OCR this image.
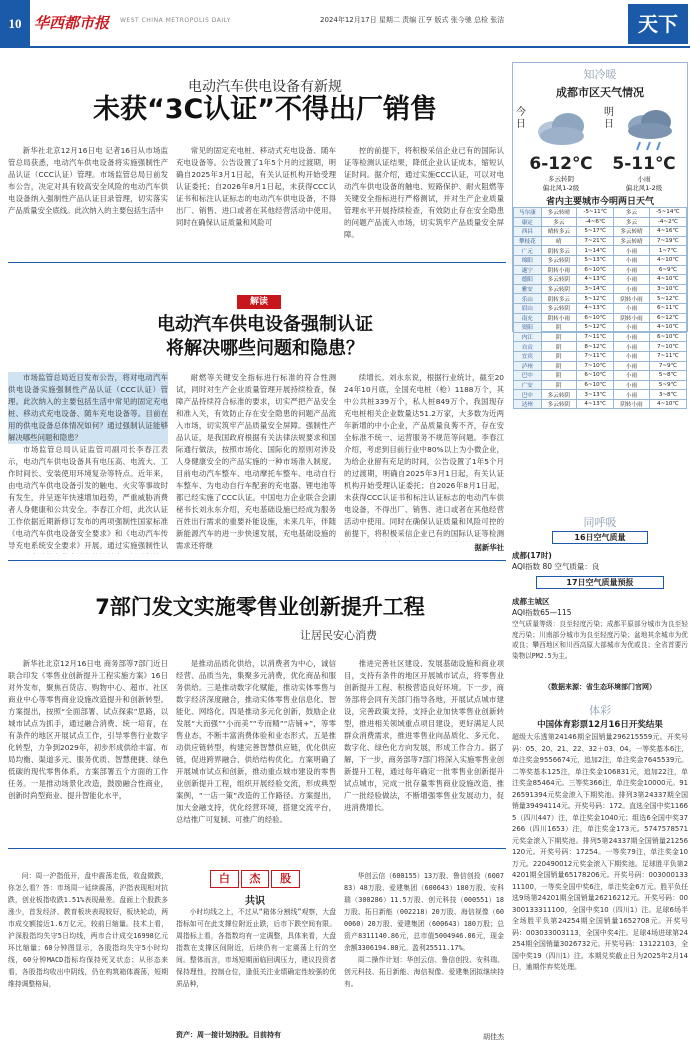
10 华西都市报 WEST CHINA METROPOLIS DAILY	2024年12月17日 星期二 责编 江亨 版式 张今驰 总检 张洁	天下
电动汽车供电设备有新规
未获“3C认证”不得出厂销售

新华社北京12月16日电 记者16日从市场监管总局获悉，电动汽车供电设备将实施强制性产品认证（CCC认证）管理。市场监管总局日前发布公告，决定对具有较高安全风险的电动汽车供电设备纳入强制性产品认证目录管理，切实落实产品质量安全底线。此次纳入的主要包括生活中

常见的固定充电桩、移动式充电设备、随车充电设备等。公告设置了1年5个月的过渡期，明确自2025年3月1日起，有关认证机构开始受理认证委托；自2026年8月1日起，未获得CCC认证书和标注认证标志的电动汽车供电设备，不得出厂、销售、进口或者在其他经营活动中使用。同时在确保认证质量和风险可

控的前提下，将积极采信企业已有的国际认证等检测认证结果，降低企业认证成本，缩短认证时间。据介绍，通过实施CCC认证，可以对电动汽车供电设备的触电、短路保护、耐火阻燃等关键安全指标进行严格测试，并对生产企业质量管理水平开展持续检查，有效防止存在安全隐患的问题产品流入市场，切实筑牢产品质量安全屏障。

解读
电动汽车供电设备强制认证
将解决哪些问题和隐患？

市场监管总局近日发布公告，将对电动汽车供电设备实施强制性产品认证（CCC认证）管理。此次纳入的主要包括生活中常见的固定充电桩、移动式充电设备、随车充电设备等。目前在用的供电设备总体情况如何？通过强制认证能够解决哪些问题和隐患？

市场监管总局认证监管司副司长李春江表示，电动汽车供电设备具有电压高、电流大、工作时间长、安装使用环境复杂等特点。近年来，由电动汽车供电设备引发的触电、火灾等事故时有发生，并呈逐年快速增加趋势，严重威胁消费者人身健康和公共安全。李春江介绍，此次认证工作依据近期新修订发布的两项强制性国家标准《电动汽车供电设备安全要求》和《电动汽车传导充电系统安全要求》开展。通过实施强制性认

耐燃等关键安全指标进行标准的符合性测试，同时对生产企业质量管理开展持续检查，保障产品持续符合标准的要求，切实严把产品安全和准入关，有效防止存在安全隐患的问题产品流入市场，切实筑牢产品质量安全屏障。强制性产品认证，是我国政府根据有关法律法规要求和国际通行做法，按照市场化、国际化的原则对涉及人身健康安全的产品实施的一种市场准入制度。目前电动汽车整车、电动摩托车整车、电动自行车整车、为电动自行车配套的充电器、锂电池等都已经实施了CCC认证。中国电力企业联合会副秘书长刘永东介绍，充电基础设施已经成为服务百姓出行需求的重要补能设施，未来几年，伴随新能源汽车的进一步快速发展，充电基础设施的需求还将继

续增长。刘永东说，根据行业统计，截至2024年10月底，全国充电桩（枪）1188万个，其中公共桩339万个，私人桩849万个。我国现存充电桩相关企业数量达51.2万家，大多数为近两年新增的中小企业，产品质量良莠不齐，存在安全标准不统一、运营服务不规范等问题。李春江介绍，考虑到目前行业中80%以上为小微企业，为给企业留有充足的时间，公告设置了1年5个月的过渡期，明确自2025年3月1日起，有关认证机构开始受理认证委托；自2026年8月1日起，未获得CCC认证书和标注认证标志的电动汽车供电设备，不得出厂、销售、进口或者在其他经营活动中使用。同时在确保认证质量和风险可控的前提下，将积极采信企业已有的国际认证等检测

据新华社
7部门发文实施零售业创新提升工程
让居民安心消费

新华社北京12月16日电 商务部等7部门近日联合印发《零售业创新提升工程实施方案》16日对外发布，聚焦百货店、购物中心、超市、社区商业中心等零售商业设施改造提升和创新转型。方案提出，按照“全面部署、试点探索”思路，以城市试点为抓手，通过融合消费、统一培育，在有条件的地区开展试点工作，引导零售行业数字化转型，力争到2029年，初步形成供给丰富、布局均衡、渠道多元、服务优质、智慧便捷、绿色低碳的现代零售体系。方案部署五个方面的工作任务。一是推动场景化改造，鼓励融合性商业，创新时尚型商业、提升智能化水平，

是推动品质化供给，以消费者为中心，诚信经营、品质当先，集聚多元消费，优化商品和服务供给。三是推动数字化赋能，推动实体零售与数字经济深度融合，推动实体零售业信息化、智能化、网络化。四是推动多元化创新，鼓励企业发展“大而强”“小而美”“专而精”“店铺+”，等零售业态，不断丰富消费体验和业态形式。五是推动供应链转型，构建完善智慧供应链，优化供应链，促进跨界融合、供给结构优化。方案明确了开展城市试点和创新，推动重点城市建设的零售业创新提升工程，组织开展经验交流，形成典型案例，“一店一策”改造的工作路径。方案提出，加大金融支持，优化经营环境，搭建交流平台，总结推广可复制、可推广的经验。

推进完善社区建设、发展基础设施和商业项目，支持有条件的地区开展城市试点，将零售业创新提升工程、积极营造良好环境。下一步，商务部将会同有关部门指导各地，开展试点城市建设，完善政策支持，支持企业加快零售业创新转型，推进相关领域重点项目建设，更好满足人民群众消费需求，推进零售业向品质化、多元化、数字化、绿色化方向发展，形成工作合力。据了解，下一步，商务部等7部门将深入实施零售业创新提升工程，通过每年确定一批零售业创新提升试点城市，完成一批存量零售商业设施改造、推广一批经验做法，不断增强零售业发展动力，促进消费增长。

白	杰	股
共识

问：周一沪指低开，盘中震荡走低，收盘微跌，你怎么看？答：市场周一延续震荡，沪指表现相对抗跌，创业板指收跌1.51%表现最差。盘面上个股跌多涨少，首发经济、教育板块表现较好，板块轮动，两市成交额接近1.6万亿元，较前日缩量。技术上看，沪深股指均失守5日均线，两市合计成交16998亿元环比缩量；60分钟图显示，各股指均失守5小时均线，60分钟MACD指标均保持死叉状态；从形态来看，各股指均收出中阴线，仍在构筑箱体震荡，短期维持调整格局，

小时均线之上，不过从“箱体分割线”观察，大盘指标如可在此支撑位附近止跌，后市下跌空间有限。周指标上看，各指数均有一定调整，具体来看，大盘指数在支撑区间附近，后续仍有一定震荡上行的空间。整体而言，市场短期面临回调压力，建议投资者保持理性，控制仓位，逢低关注业绩确定性较强的优质品种，

资产：周一接计划持股。目前持有

华创云信（600155）13万股、鲁信创投（600783）48万股、爱建集团（600643）180万股、安科瑞（300286）11.5万股、创元科技（000551）18万股、拓日新能（002218）20万股、海信视像（600060）20万股、爱建集团（600643）180万股；总资产8311140.86元，总市值5004946.06元，现金余额3306194.80元。盈利25511.17%。

周二操作计划：华创云信、鲁信创投、安科瑞、创元科技、拓日新能、海信视像、爱建集团拟继续持有。

胡佳杰
知冷暖
成都市区天气情况
今日
明日
6-12℃
多云转阴
偏北风1-2级
5-11℃
小雨
偏北风1-2级
省内主要城市今明两日天气
马尔康	多云转晴	-5~11℃	多云	-5~14℃
康定	多云	-4~6℃	多云	-4~2℃
西昌	晴转多云	5~17℃	多云转晴	4~16℃
攀枝花	晴	7~21℃	多云转晴	7~19℃
广元	阴转多云	1~14℃	小雨	1~7℃
绵阳	多云转阴	5~13℃	小雨	4~10℃
遂宁	阴转小雨	6~10℃	小雨	6~9℃
德阳	多云转阴	4~13℃	小雨	4~10℃
雅安	多云转阴	3~14℃	小雨	3~10℃
乐山	阴转多云	5~12℃	阴转小雨	5~12℃
眉山	多云转阴	4~13℃	小雨	6~11℃
南充	阴转小雨	6~10℃	阴转小雨	6~12℃
资阳	阴	5~12℃	小雨	4~10℃
内江	阴	7~11℃	小雨	6~10℃
自贡	阴	8~12℃	小雨	7~10℃
宜宾	阴	7~11℃	小雨	7~11℃
泸州	阴	7~10℃	小雨	7~9℃
巴中	阴	6~10℃	小雨	5~8℃
广安	阴	6~10℃	小雨	5~9℃
巴中	多云转阴	3~13℃	小雨	3~8℃
达州	多云转阴	4~13℃	阴转小雨	4~10℃
同呼吸
16日空气质量
成都(17时)
AQI指数 80 空气质量：良
17日空气质量预报
成都主城区
AQI指数65—115
空气质量等级：良至轻度污染；成都平原部分城市为良至轻度污染；川南部分城市为良至轻度污染；盆地其余城市为优或良；攀西地区和川西高原大部城市为优或良；全省首要污染物以PM2.5为主。
（数据来源：省生态环境部门官网）
体彩
中国体育彩票12月16日开奖结果
超级大乐透第24146期全国销量296215559元。开奖号码：05、20、21、22、32＋03、04。一等奖基本6注，单注奖金9556674元，追加2注，单注奖金7645539元。二等奖基本125注，单注奖金106831元，追加22注，单注奖金85464元。三等奖366注，单注奖金10000元。9126591394元奖金滚入下期奖池。排列3第24337期全国销量39494114元。开奖号码：172。直选全国中奖11665（四川447）注，单注奖金1040元；组选6全国中奖37266（四川1653）注，单注奖金173元。5747578571元奖金滚入下期奖池。排列5第24337期全国销量21256120元。开奖号码：17254。一等奖79注，单注奖金10万元。220490012元奖金滚入下期奖池。足球胜平负第24201期全国销量65178206元。开奖号码：00300013311100，一等奖全国中奖6注，单注奖金6万元。胜平负任选9场第24201期全国销量26216212元。开奖号码：00300133311100，全国中奖10（四川1）注。足球6场半全场胜平负第24254期全国销量1652708元。开奖号码：003033003113，全国中奖4注。足球4场进球第24254期全国销量3026732元。开奖号码：13122103，全国中奖19（四川1）注。本期兑奖截止日为2025年2月14日，逾期作弃奖处理。
